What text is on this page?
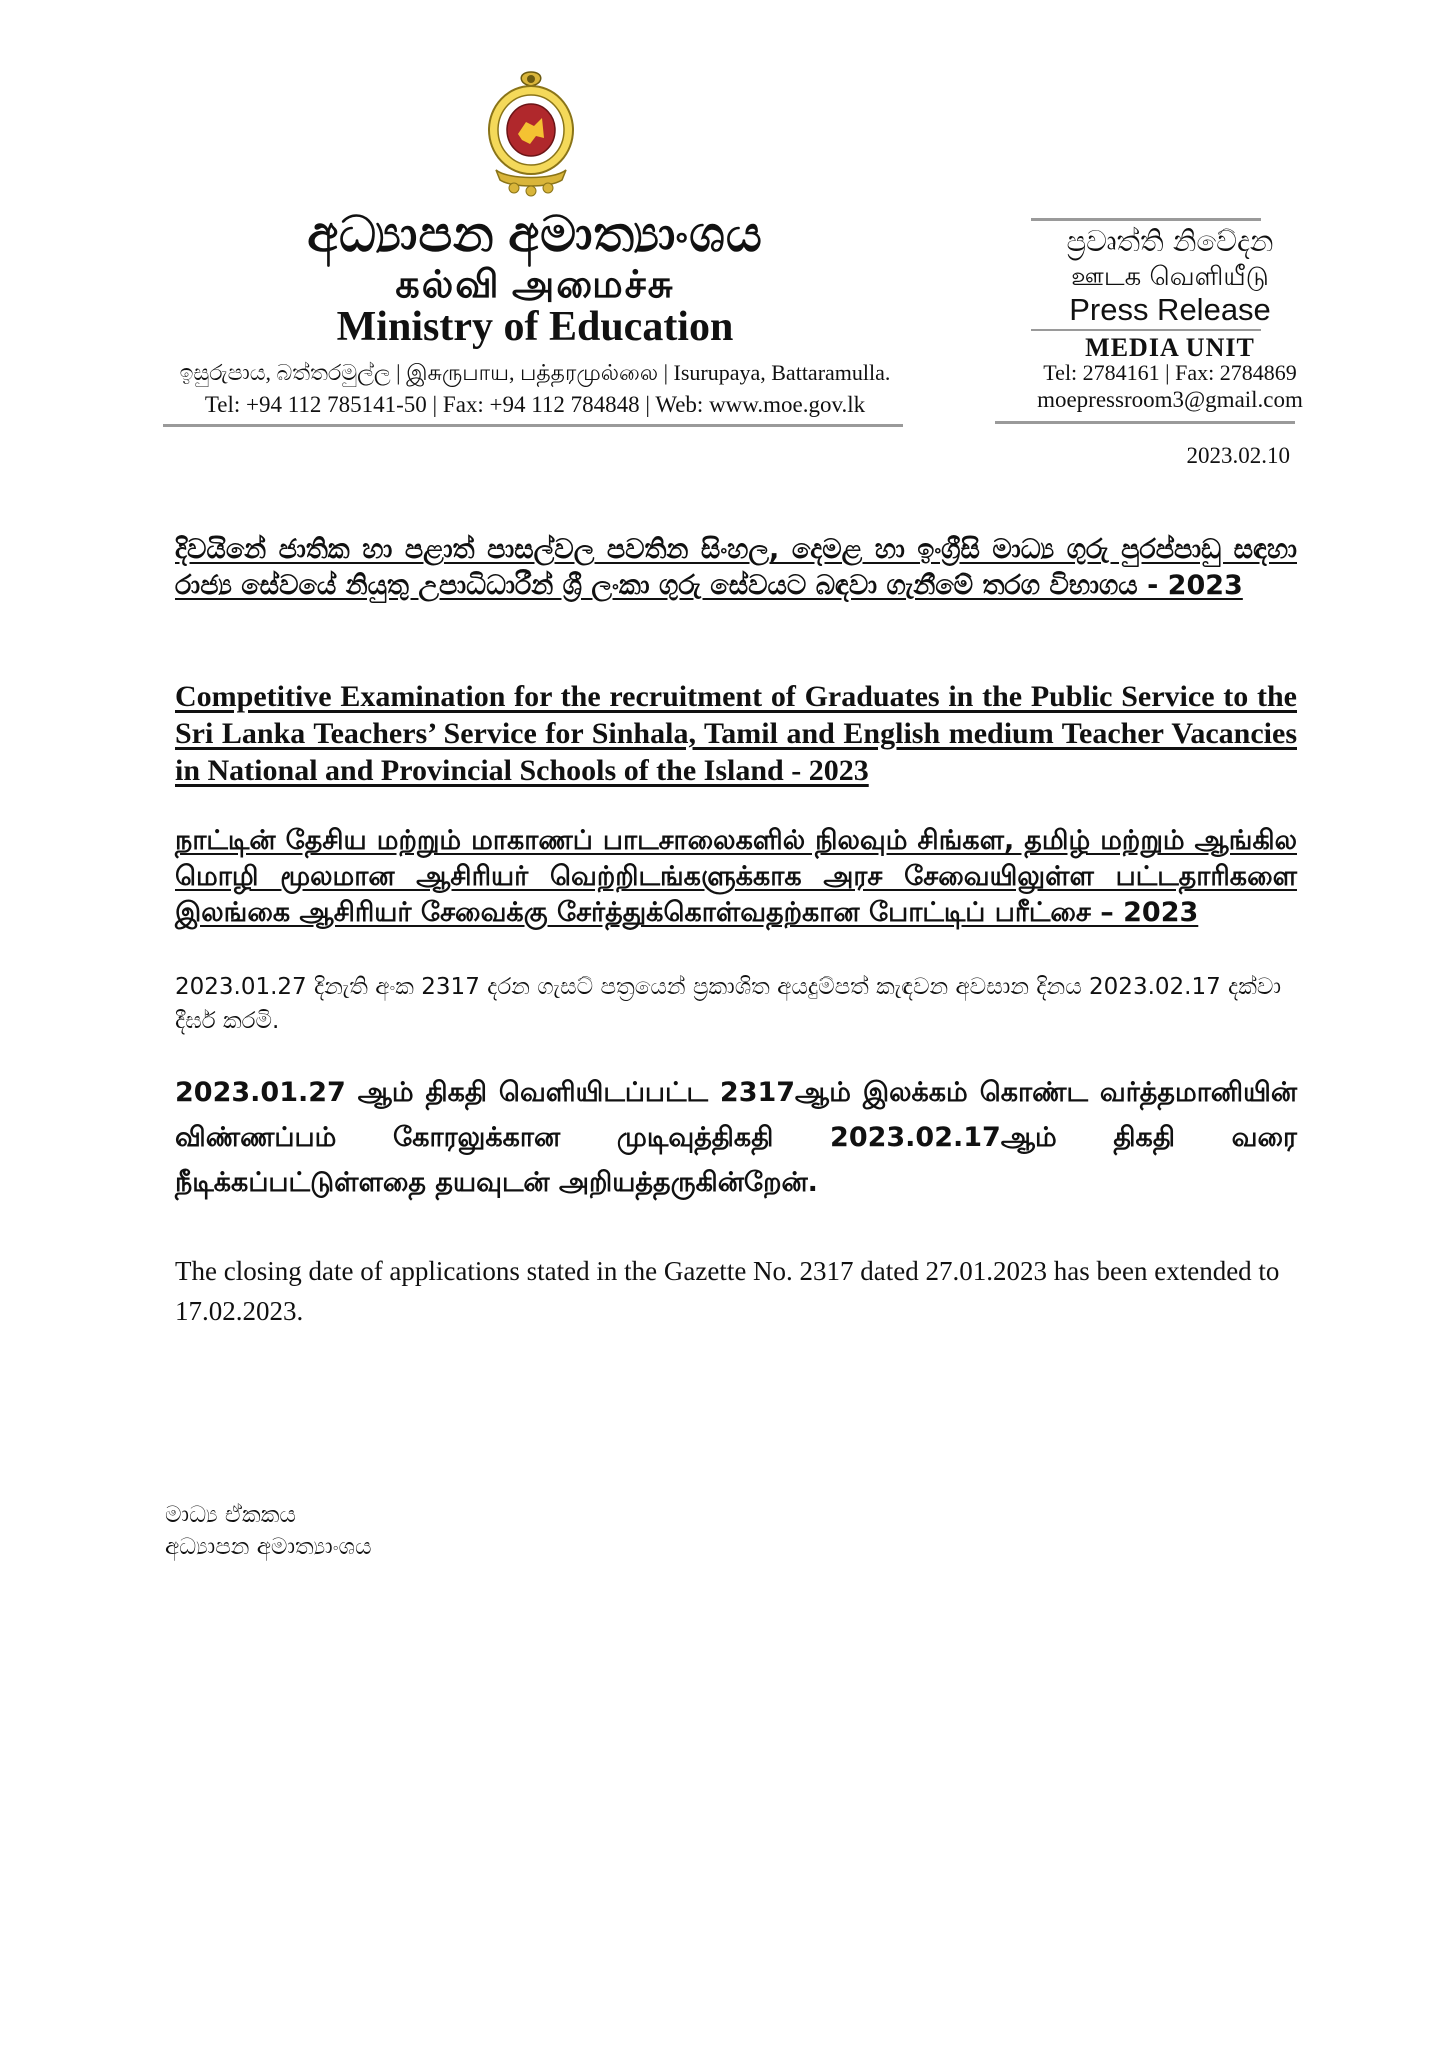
අධ්‍යාපන අමාත්‍යාංශය
கல்வி அமைச்சு
Ministry of Education
ඉසුරුපාය, බත්තරමුල්ල | இசுருபாய, பத்தரமுல்லை | Isurupaya, Battaramulla.
Tel: +94 112 785141-50 | Fax: +94 112 784848 | Web: www.moe.gov.lk
ප්‍රවෘත්ති නිවේදන
ஊடக வெளியீடு
Press Release
MEDIA UNIT
Tel: 2784161 | Fax: 2784869
moepressroom3@gmail.com
2023.02.10
දිවයිනේ ජාතික හා පළාත් පාසල්වල පවතින සිංහල, දෙමළ හා ඉංග්‍රීසි මාධ්‍ය ගුරු පුරප්පාඩු සඳහා රාජ්‍ය සේවයේ නියුතු උපාධිධාරීන් ශ්‍රී ලංකා ගුරු සේවයට බඳවා ගැනීමේ තරග විභාගය - 2023
Competitive Examination for the recruitment of Graduates in the Public Service to the Sri Lanka Teachers’ Service for Sinhala, Tamil and English medium Teacher Vacancies in National and Provincial Schools of the Island - 2023
நாட்டின் தேசிய மற்றும் மாகாணப் பாடசாலைகளில் நிலவும் சிங்கள, தமிழ் மற்றும் ஆங்கில மொழி மூலமான ஆசிரியர் வெற்றிடங்களுக்காக அரச சேவையிலுள்ள பட்டதாரிகளை இலங்கை ஆசிரியர் சேவைக்கு சேர்த்துக்கொள்வதற்கான போட்டிப் பரீட்சை – 2023
2023.01.27 දිනැති අංක 2317 දරන ගැසට් පත්‍රයෙන් ප්‍රකාශිත අයදුම්පත් කැඳවන අවසාන දිනය 2023.02.17 දක්වා දීර්ඝ කරමි.
2023.01.27 ஆம் திகதி வெளியிடப்பட்ட 2317ஆம் இலக்கம் கொண்ட வர்த்தமானியின் விண்ணப்பம் கோரலுக்கான முடிவுத்திகதி 2023.02.17ஆம் திகதி வரை நீடிக்கப்பட்டுள்ளதை தயவுடன் அறியத்தருகின்றேன்.
The closing date of applications stated in the Gazette No. 2317 dated 27.01.2023 has been extended to 17.02.2023.
මාධ්‍ය ඒකකය
අධ්‍යාපන අමාත්‍යාංශය
